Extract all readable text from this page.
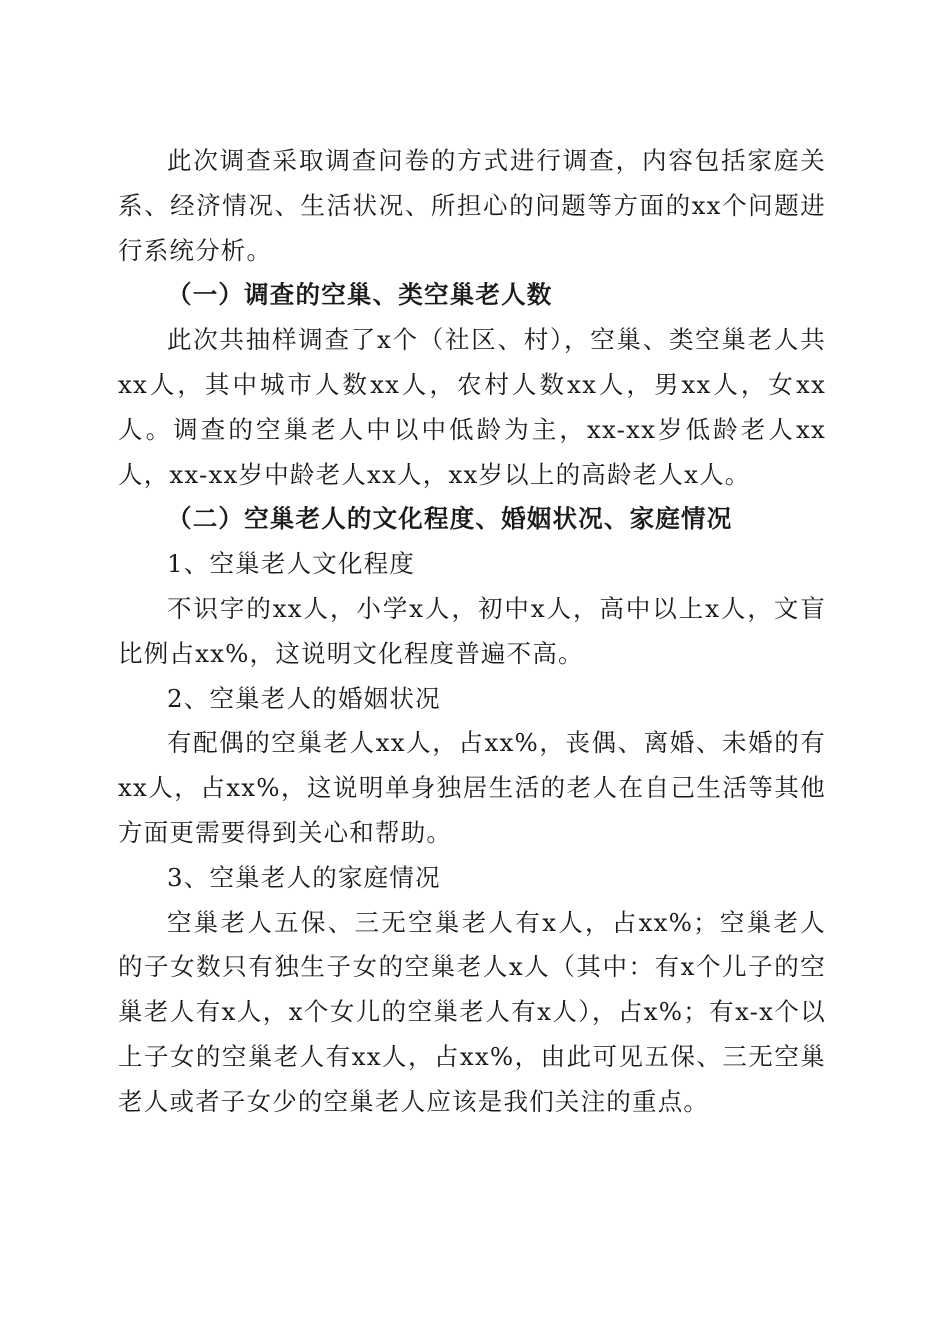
此次调查采取调查问卷的方式进行调查，内容包括家庭关系、经济情况、生活状况、所担心的问题等方面的xx个问题进行系统分析。

（一）调查的空巢、类空巢老人数

此次共抽样调查了x个（社区、村），空巢、类空巢老人共xx人，其中城市人数xx人，农村人数xx人，男xx人，女xx人。调查的空巢老人中以中低龄为主，xx-xx岁低龄老人xx人，xx-xx岁中龄老人xx人，xx岁以上的高龄老人x人。

（二）空巢老人的文化程度、婚姻状况、家庭情况

1、空巢老人文化程度

不识字的xx人，小学x人，初中x人，高中以上x人，文盲比例占xx%，这说明文化程度普遍不高。

2、空巢老人的婚姻状况

有配偶的空巢老人xx人，占xx%，丧偶、离婚、未婚的有xx人，占xx%，这说明单身独居生活的老人在自己生活等其他方面更需要得到关心和帮助。

3、空巢老人的家庭情况

空巢老人五保、三无空巢老人有x人，占xx%；空巢老人的子女数只有独生子女的空巢老人x人（其中：有x个儿子的空巢老人有x人，x个女儿的空巢老人有x人），占x%；有x-x个以上子女的空巢老人有xx人，占xx%，由此可见五保、三无空巢老人或者子女少的空巢老人应该是我们关注的重点。
